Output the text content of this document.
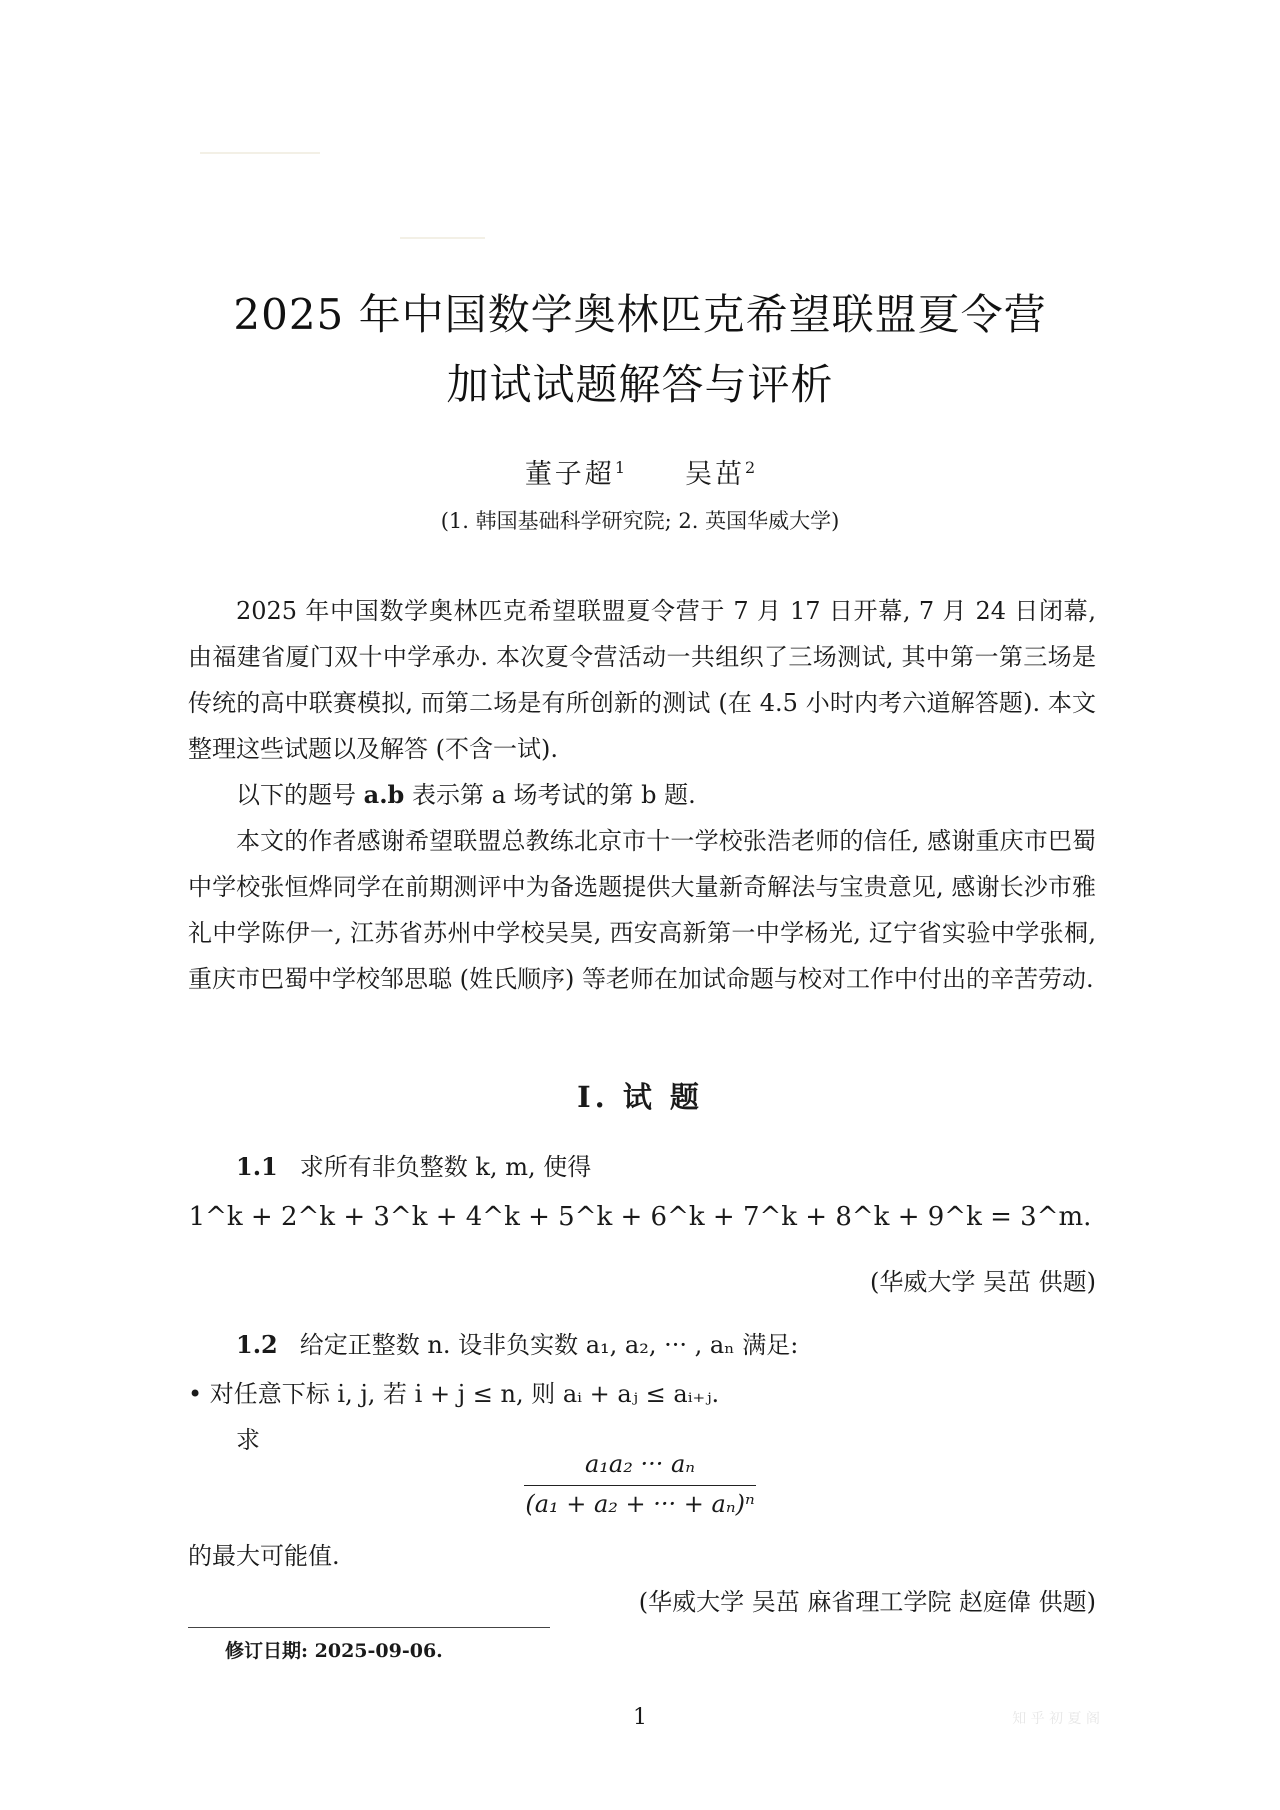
2025 年中国数学奥林匹克希望联盟夏令营
加试试题解答与评析
董子超$^1$ 吴茁$^2$
(1. 韩国基础科学研究院; 2. 英国华威大学)

2025 年中国数学奥林匹克希望联盟夏令营于 7 月 17 日开幕, 7 月 24 日闭幕, 由福建省厦门双十中学承办. 本次夏令营活动一共组织了三场测试, 其中第一第三场是传统的高中联赛模拟, 而第二场是有所创新的测试 (在 4.5 小时内考六道解答题). 本文整理这些试题以及解答 (不含一试).

以下的题号 a.b 表示第 a 场考试的第 b 题.

本文的作者感谢希望联盟总教练北京市十一学校张浩老师的信任, 感谢重庆市巴蜀中学校张恒烨同学在前期测评中为备选题提供大量新奇解法与宝贵意见, 感谢长沙市雅礼中学陈伊一, 江苏省苏州中学校吴昊, 西安高新第一中学杨光, 辽宁省实验中学张桐, 重庆市巴蜀中学校邹思聪 (姓氏顺序) 等老师在加试命题与校对工作中付出的辛苦劳动.

I. 试 题
1.1 求所有非负整数 k, m, 使得
1^k + 2^k + 3^k + 4^k + 5^k + 6^k + 7^k + 8^k + 9^k = 3^m.
(华威大学 吴茁 供题)
1.2 给定正整数 n. 设非负实数 a₁, a₂, ··· , aₙ 满足:
• 对任意下标 i, j, 若 i + j ≤ n, 则 aᵢ + aⱼ ≤ aᵢ₊ⱼ.
求
a₁a₂ ··· aₙ
(a₁ + a₂ + ··· + aₙ)ⁿ
的最大可能值.
(华威大学 吴茁 麻省理工学院 赵庭偉 供题)
修订日期: 2025-09-06.
1	知 乎 初 夏 阁
